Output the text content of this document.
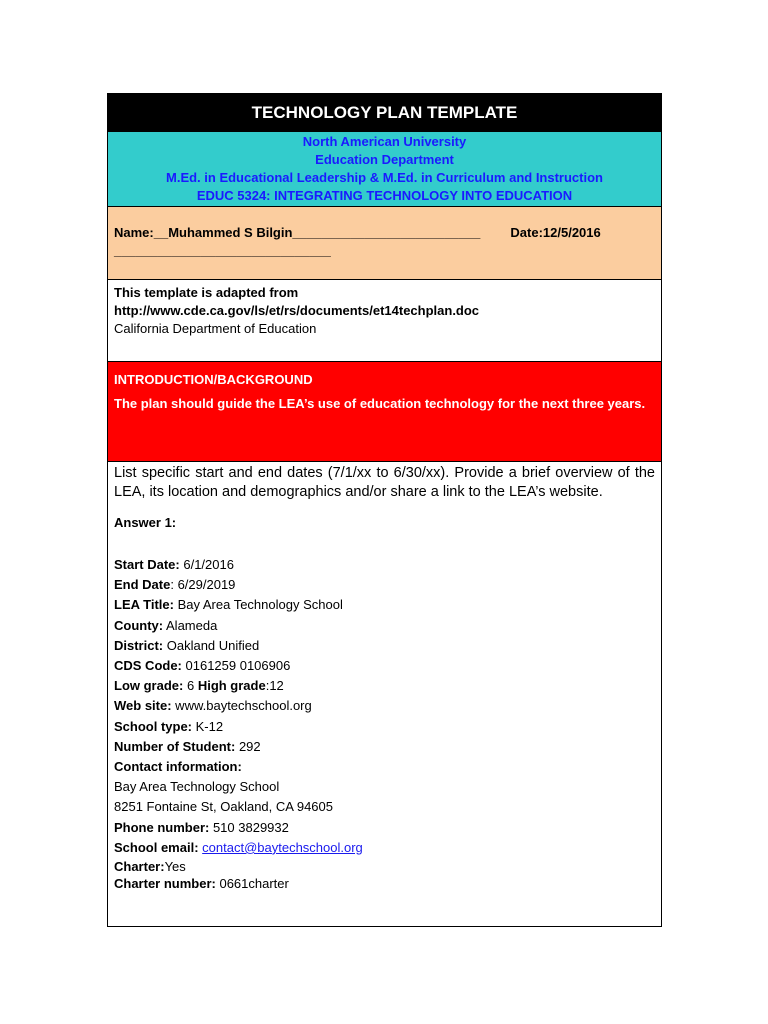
TECHNOLOGY PLAN TEMPLATE
North American University
Education Department
M.Ed. in Educational Leadership & M.Ed. in Curriculum and Instruction
EDUC 5324: INTEGRATING TECHNOLOGY INTO EDUCATION
Name:__Muhammed S Bilgin__________________________ Date:12/5/2016
______________________________
This template is adapted from
http://www.cde.ca.gov/ls/et/rs/documents/et14techplan.doc
California Department of Education
INTRODUCTION/BACKGROUND
The plan should guide the LEA’s use of education technology for the next three years.
List specific start and end dates (7/1/xx to 6/30/xx). Provide a brief overview of the LEA, its location and demographics and/or share a link to the LEA’s website.
Answer 1:
Start Date: 6/1/2016
End Date: 6/29/2019
LEA Title: Bay Area Technology School
County: Alameda
District: Oakland Unified
CDS Code: 0161259 0106906
Low grade: 6 High grade:12
Web site: www.baytechschool.org
School type: K-12
Number of Student: 292
Contact information:
Bay Area Technology School
8251 Fontaine St, Oakland, CA 94605
Phone number: 510 3829932
School email: contact@baytechschool.org
Charter:Yes
Charter number: 0661charter
